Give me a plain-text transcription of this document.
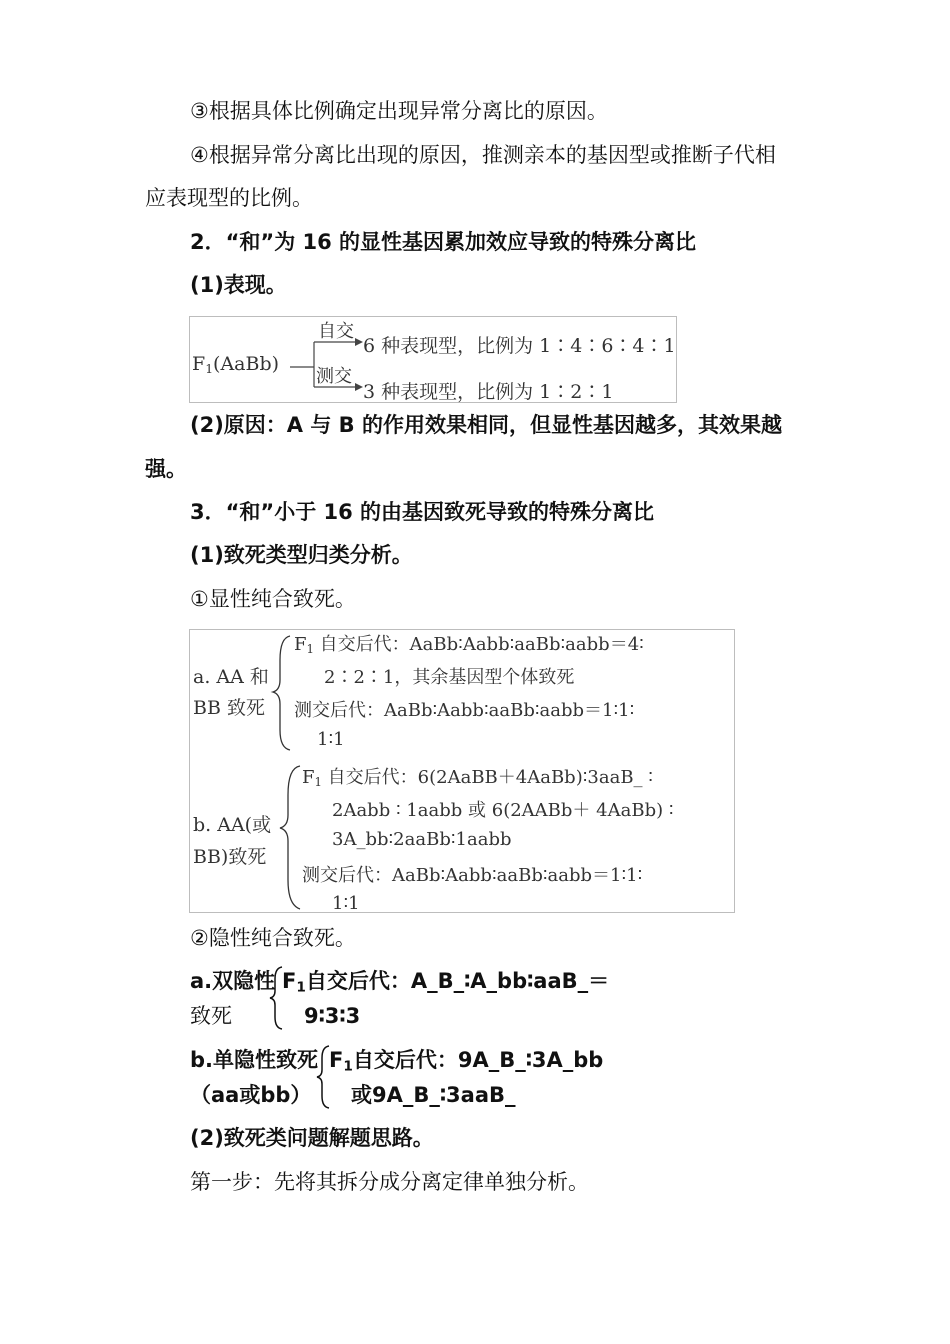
③根据具体比例确定出现异常分离比的原因。
④根据异常分离比出现的原因，推测亲本的基因型或推断子代相
应表现型的比例。
2．“和”为 16 的显性基因累加效应导致的特殊分离比
(1)表现。
$F_1(AaBb)$
自交
6 种表现型，比例为 1∶4∶6∶4∶1
测交
3 种表现型，比例为 1∶2∶1
(2)原因：A 与 B 的作用效果相同，但显性基因越多，其效果越
强。
3．“和”小于 16 的由基因致死导致的特殊分离比
(1)致死类型归类分析。
①显性纯合致死。
a. AA 和
BB 致死
$F_1$ 自交后代：AaBb∶Aabb∶aaBb∶aabb＝4∶
2∶2∶1，其余基因型个体致死
测交后代：AaBb∶Aabb∶aaBb∶aabb＝1∶1∶
1∶1
b. AA(或
BB)致死
$F_1$ 自交后代：6(2AaBB＋4AaBb)∶3aaB_ ∶
2Aabb ∶ 1aabb 或 6(2AABb＋ 4AaBb) ∶
3A_bb∶2aaBb∶1aabb
测交后代：AaBb∶Aabb∶aaBb∶aabb＝1∶1∶
1∶1
②隐性纯合致死。
a.双隐性
致死
$F_1$自交后代：A_B_∶A_bb∶aaB_＝
9∶3∶3
b.单隐性致死
（aa或bb）
$F_1$自交后代：9A_B_∶3A_bb
或9A_B_∶3aaB_
(2)致死类问题解题思路。
第一步：先将其拆分成分离定律单独分析。
